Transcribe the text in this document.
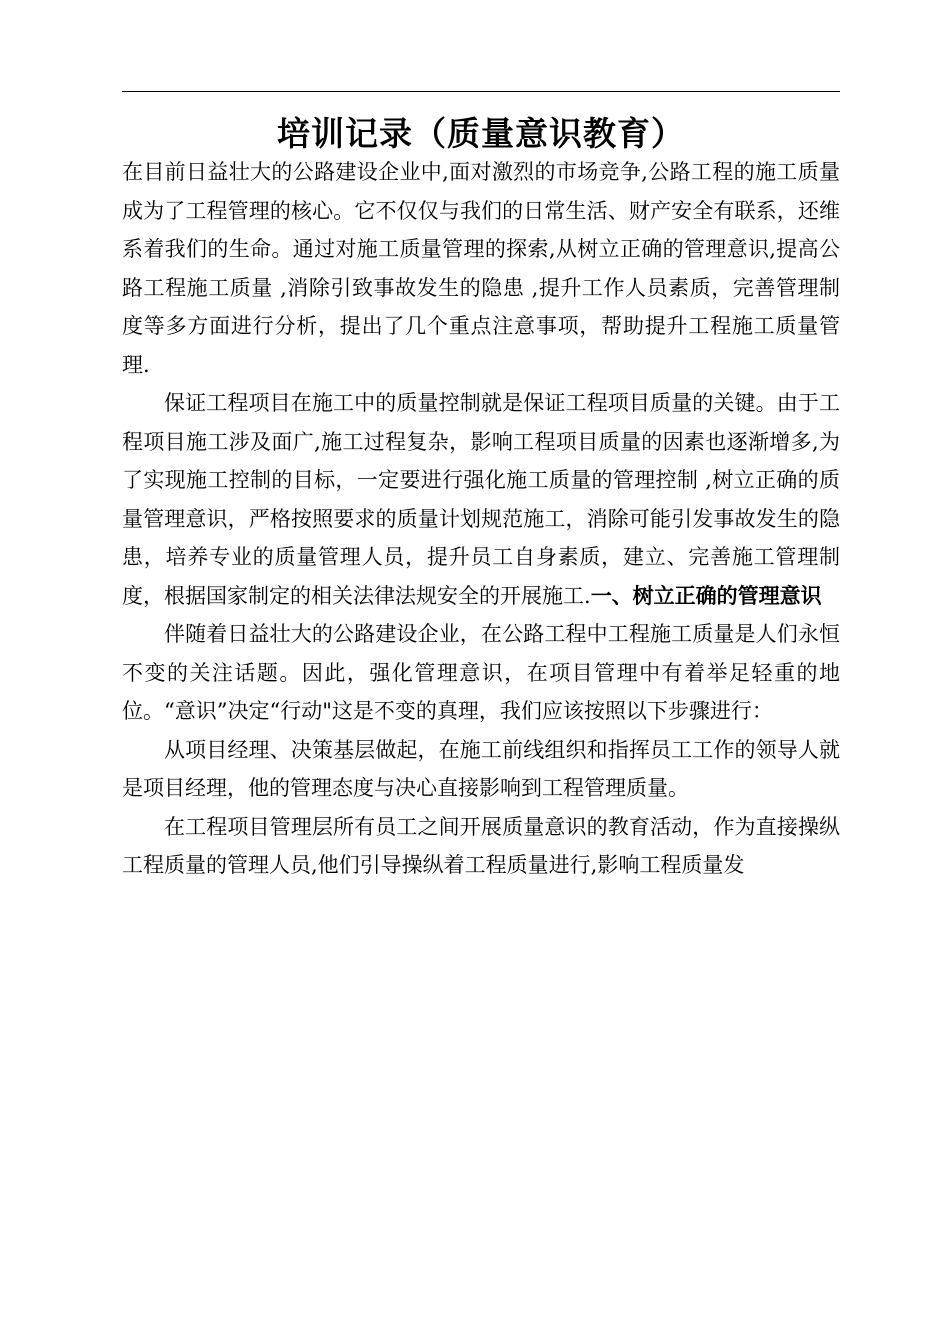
培训记录（质量意识教育）

在目前日益壮大的公路建设企业中,面对激烈的市场竞争,公路工程的施工质量成为了工程管理的核心。它不仅仅与我们的日常生活、财产安全有联系，还维系着我们的生命。通过对施工质量管理的探索,从树立正确的管理意识,提高公路工程施工质量 ,消除引致事故发生的隐患 ,提升工作人员素质，完善管理制度等多方面进行分析，提出了几个重点注意事项，帮助提升工程施工质量管理.

保证工程项目在施工中的质量控制就是保证工程项目质量的关键。由于工程项目施工涉及面广,施工过程复杂，影响工程项目质量的因素也逐渐增多,为了实现施工控制的目标，一定要进行强化施工质量的管理控制 ,树立正确的质量管理意识，严格按照要求的质量计划规范施工，消除可能引发事故发生的隐患，培养专业的质量管理人员，提升员工自身素质，建立、完善施工管理制度，根据国家制定的相关法律法规安全的开展施工.一、树立正确的管理意识

伴随着日益壮大的公路建设企业，在公路工程中工程施工质量是人们永恒不变的关注话题。因此，强化管理意识，在项目管理中有着举足轻重的地位。“意识”决定“行动"这是不变的真理，我们应该按照以下步骤进行：

从项目经理、决策基层做起，在施工前线组织和指挥员工工作的领导人就是项目经理，他的管理态度与决心直接影响到工程管理质量。

在工程项目管理层所有员工之间开展质量意识的教育活动，作为直接操纵工程质量的管理人员,他们引导操纵着工程质量进行,影响工程质量发
